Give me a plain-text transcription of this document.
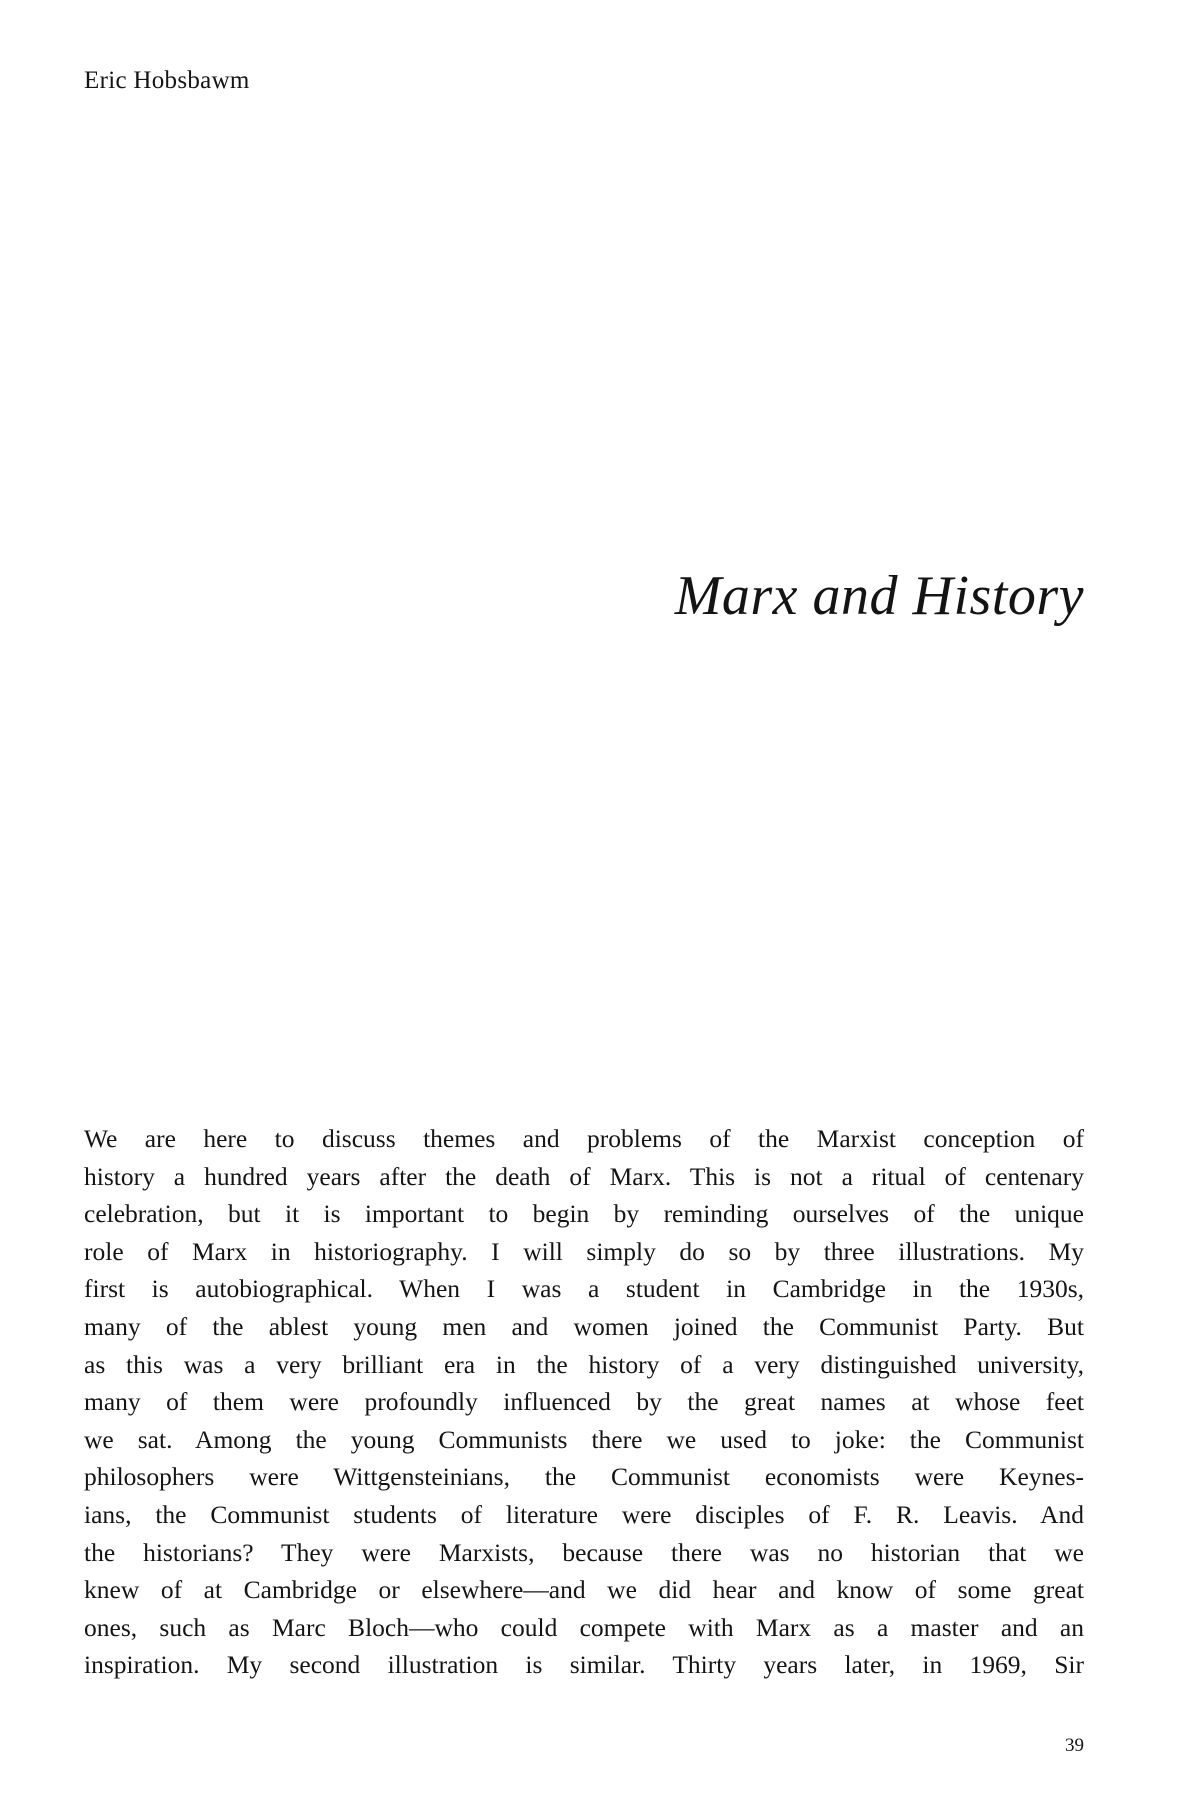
Eric Hobsbawm

Marx and History
We are here to discuss themes and problems of the Marxist conception of
history a hundred years after the death of Marx. This is not a ritual of centenary
celebration, but it is important to begin by reminding ourselves of the unique
role of Marx in historiography. I will simply do so by three illustrations. My
first is autobiographical. When I was a student in Cambridge in the 1930s,
many of the ablest young men and women joined the Communist Party. But
as this was a very brilliant era in the history of a very distinguished university,
many of them were profoundly influenced by the great names at whose feet
we sat. Among the young Communists there we used to joke: the Communist
philosophers were Wittgensteinians, the Communist economists were Keynes-
ians, the Communist students of literature were disciples of F. R. Leavis. And
the historians? They were Marxists, because there was no historian that we
knew of at Cambridge or elsewhere—and we did hear and know of some great
ones, such as Marc Bloch—who could compete with Marx as a master and an
inspiration. My second illustration is similar. Thirty years later, in 1969, Sir

39
